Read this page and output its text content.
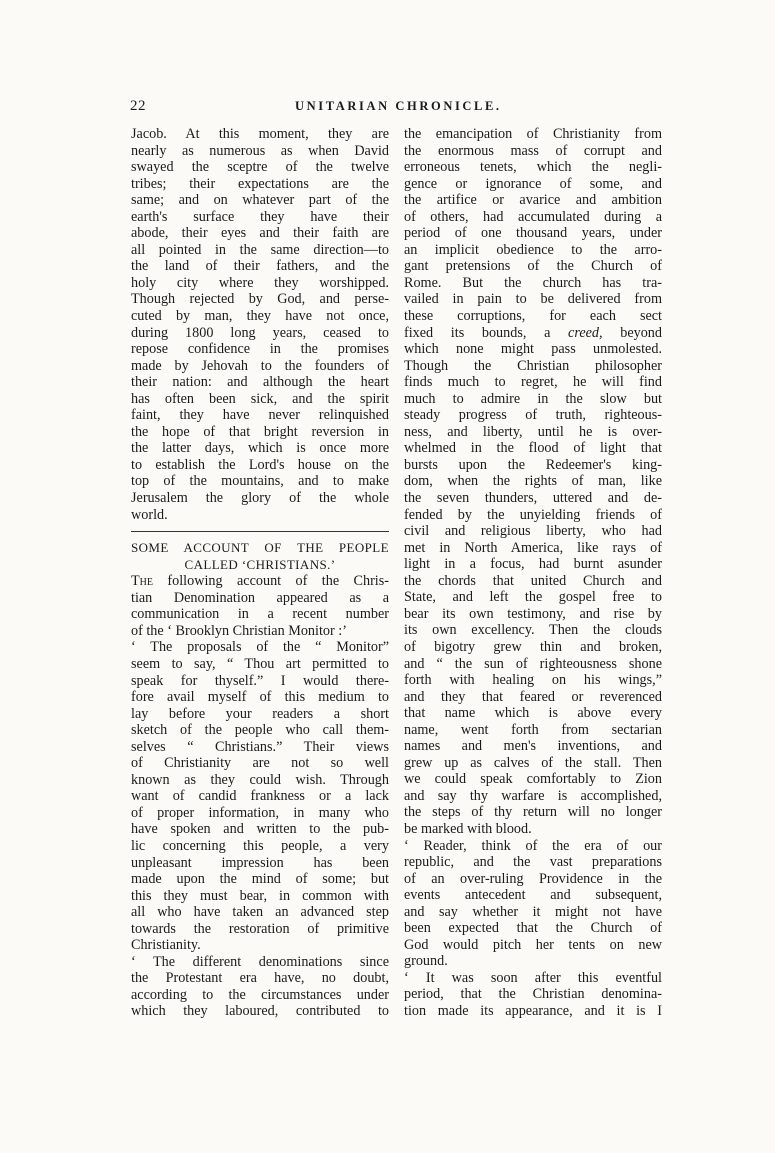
22	UNITARIAN CHRONICLE.
Jacob. At this moment, they are
nearly as numerous as when David
swayed the sceptre of the twelve
tribes; their expectations are the
same; and on whatever part of the
earth's surface they have their
abode, their eyes and their faith are
all pointed in the same direction—to
the land of their fathers, and the
holy city where they worshipped.
Though rejected by God, and perse-
cuted by man, they have not once,
during 1800 long years, ceased to
repose confidence in the promises
made by Jehovah to the founders of
their nation: and although the heart
has often been sick, and the spirit
faint, they have never relinquished
the hope of that bright reversion in
the latter days, which is once more
to establish the Lord's house on the
top of the mountains, and to make
Jerusalem the glory of the whole
world.
SOME ACCOUNT OF THE PEOPLE
CALLED ‘CHRISTIANS.’
The following account of the Chris-
tian Denomination appeared as a
communication in a recent number
of the ‘ Brooklyn Christian Monitor :’
‘ The proposals of the “ Monitor”
seem to say, “ Thou art permitted to
speak for thyself.” I would there-
fore avail myself of this medium to
lay before your readers a short
sketch of the people who call them-
selves “ Christians.” Their views
of Christianity are not so well
known as they could wish. Through
want of candid frankness or a lack
of proper information, in many who
have spoken and written to the pub-
lic concerning this people, a very
unpleasant impression has been
made upon the mind of some; but
this they must bear, in common with
all who have taken an advanced step
towards the restoration of primitive
Christianity.
‘ The different denominations since
the Protestant era have, no doubt,
according to the circumstances under
which they laboured, contributed to
the emancipation of Christianity from
the enormous mass of corrupt and
erroneous tenets, which the negli-
gence or ignorance of some, and
the artifice or avarice and ambition
of others, had accumulated during a
period of one thousand years, under
an implicit obedience to the arro-
gant pretensions of the Church of
Rome. But the church has tra-
vailed in pain to be delivered from
these corruptions, for each sect
fixed its bounds, a creed, beyond
which none might pass unmolested.
Though the Christian philosopher
finds much to regret, he will find
much to admire in the slow but
steady progress of truth, righteous-
ness, and liberty, until he is over-
whelmed in the flood of light that
bursts upon the Redeemer's king-
dom, when the rights of man, like
the seven thunders, uttered and de-
fended by the unyielding friends of
civil and religious liberty, who had
met in North America, like rays of
light in a focus, had burnt asunder
the chords that united Church and
State, and left the gospel free to
bear its own testimony, and rise by
its own excellency. Then the clouds
of bigotry grew thin and broken,
and “ the sun of righteousness shone
forth with healing on his wings,”
and they that feared or reverenced
that name which is above every
name, went forth from sectarian
names and men's inventions, and
grew up as calves of the stall. Then
we could speak comfortably to Zion
and say thy warfare is accomplished,
the steps of thy return will no longer
be marked with blood.
‘ Reader, think of the era of our
republic, and the vast preparations
of an over-ruling Providence in the
events antecedent and subsequent,
and say whether it might not have
been expected that the Church of
God would pitch her tents on new
ground.
‘ It was soon after this eventful
period, that the Christian denomina-
tion made its appearance, and it is I
